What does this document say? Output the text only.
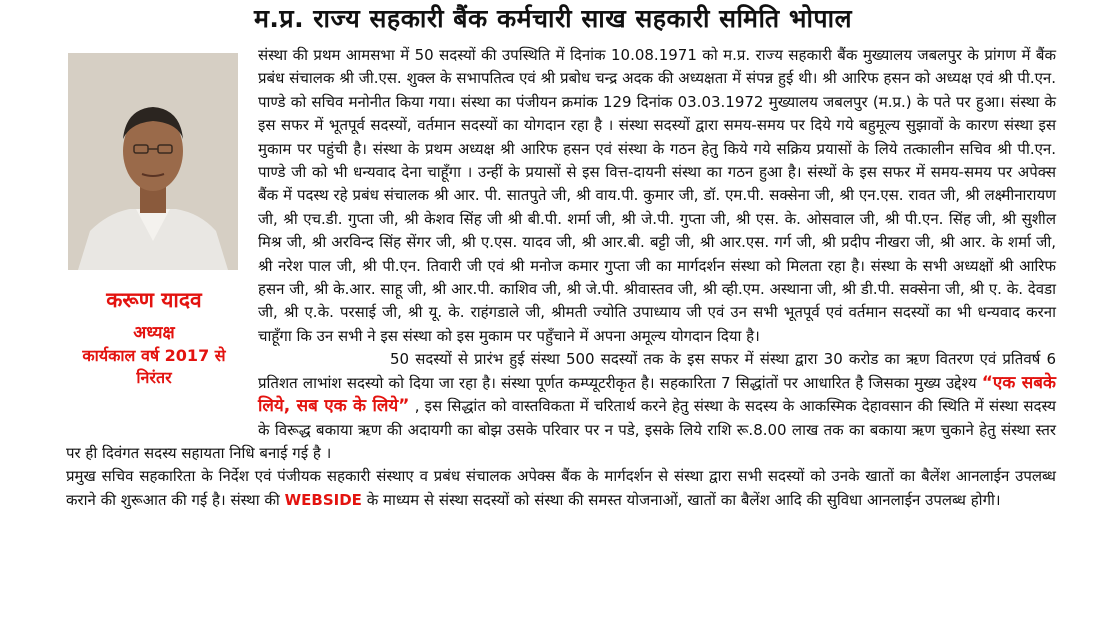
म.प्र. राज्य सहकारी बैंक कर्मचारी साख सहकारी समिति भोपाल
करूण यादव
अध्यक्ष
कार्यकाल वर्ष 2017 से
निरंतर

संस्था की प्रथम आमसभा में 50 सदस्यों की उपस्थिति में दिनांक 10.08.1971 को म.प्र. राज्य सहकारी बैंक मुख्यालय जबलपुर के प्रांगण में बैंक प्रबंध संचालक श्री जी.एस. शुक्ल के सभापतित्व एवं श्री प्रबोध चन्द्र अदक की अध्यक्षता में संपन्न हुई थी। श्री आरिफ हसन को अध्यक्ष एवं श्री पी.एन. पाण्डे को सचिव मनोनीत किया गया। संस्था का पंजीयन क्रमांक 129 दिनांक 03.03.1972 मुख्यालय जबलपुर (म.प्र.) के पते पर हुआ। संस्था के इस सफर में भूतपूर्व सदस्यों, वर्तमान सदस्यों का योगदान रहा है । संस्था सदस्यों द्वारा समय-समय पर दिये गये बहुमूल्य सुझावों के कारण संस्था इस मुकाम पर पहुंची है। संस्था के प्रथम अध्यक्ष श्री आरिफ हसन एवं संस्था के गठन हेतु किये गये सक्रिय प्रयासों के लिये तत्कालीन सचिव श्री पी.एन. पाण्डे जी को भी धन्यवाद देना चाहूँगा । उन्हीं के प्रयासों से इस वित्त-दायनी संस्था का गठन हुआ है। संस्थों के इस सफर में समय-समय पर अपेक्स बैंक में पदस्थ रहे प्रबंध संचालक श्री आर. पी. सातपुते जी, श्री वाय.पी. कुमार जी, डॉ. एम.पी. सक्सेना जी, श्री एन.एस. रावत जी, श्री लक्ष्मीनारायण जी, श्री एच.डी. गुप्ता जी, श्री केशव सिंह जी श्री बी.पी. शर्मा जी, श्री जे.पी. गुप्ता जी, श्री एस. के. ओसवाल जी, श्री पी.एन. सिंह जी, श्री सुशील मिश्र जी, श्री अरविन्द सिंह सेंगर जी, श्री ए.एस. यादव जी, श्री आर.बी. बट्टी जी, श्री आर.एस. गर्ग जी, श्री प्रदीप नीखरा जी, श्री आर. के शर्मा जी, श्री नरेश पाल जी, श्री पी.एन. तिवारी जी एवं श्री मनोज कमार गुप्ता जी का मार्गदर्शन संस्था को मिलता रहा है। संस्था के सभी अध्यक्षों श्री आरिफ हसन जी, श्री के.आर. साहू जी, श्री आर.पी. काशिव जी, श्री जे.पी. श्रीवास्तव जी, श्री व्ही.एम. अस्थाना जी, श्री डी.पी. सक्सेना जी, श्री ए. के. देवडा जी, श्री ए.के. परसाई जी, श्री यू. के. राहंगडाले जी, श्रीमती ज्योति उपाध्याय जी एवं उन सभी भूतपूर्व एवं वर्तमान सदस्यों का भी धन्यवाद करना चाहूँगा कि उन सभी ने इस संस्था को इस मुकाम पर पहुँचाने में अपना अमूल्य योगदान दिया है।

50 सदस्यों से प्रारंभ हुई संस्था 500 सदस्यों तक के इस सफर में संस्था द्वारा 30 करोड का ऋण वितरण एवं प्रतिवर्ष 6 प्रतिशत लाभांश सदस्यो को दिया जा रहा है। संस्था पूर्णत कम्प्यूटरीकृत है। सहकारिता 7 सिद्धांतों पर आधारित है जिसका मुख्य उद्देश्य “एक सबके लिये, सब एक के लिये” , इस सिद्धांत को वास्तविकता में चरितार्थ करने हेतु संस्था के सदस्य के आकस्मिक देहावसान की स्थिति में संस्था सदस्य के विरूद्ध बकाया ऋण की अदायगी का बोझ उसके परिवार पर न पडे, इसके लिये राशि रू.8.00 लाख तक का बकाया ऋण चुकाने हेतु संस्था स्तर पर ही दिवंगत सदस्य सहायता निधि बनाई गई है ।

प्रमुख सचिव सहकारिता के निर्देश एवं पंजीयक सहकारी संस्थाए व प्रबंध संचालक अपेक्स बैंक के मार्गदर्शन से संस्था द्वारा सभी सदस्यों को उनके खातों का बैलेंश आनलाईन उपलब्ध कराने की शुरूआत की गई है। संस्था की WEBSIDE के माध्यम से संस्था सदस्यों को संस्था की समस्त योजनाओं, खातों का बैलेंश आदि की सुविधा आनलाईन उपलब्ध होगी।
